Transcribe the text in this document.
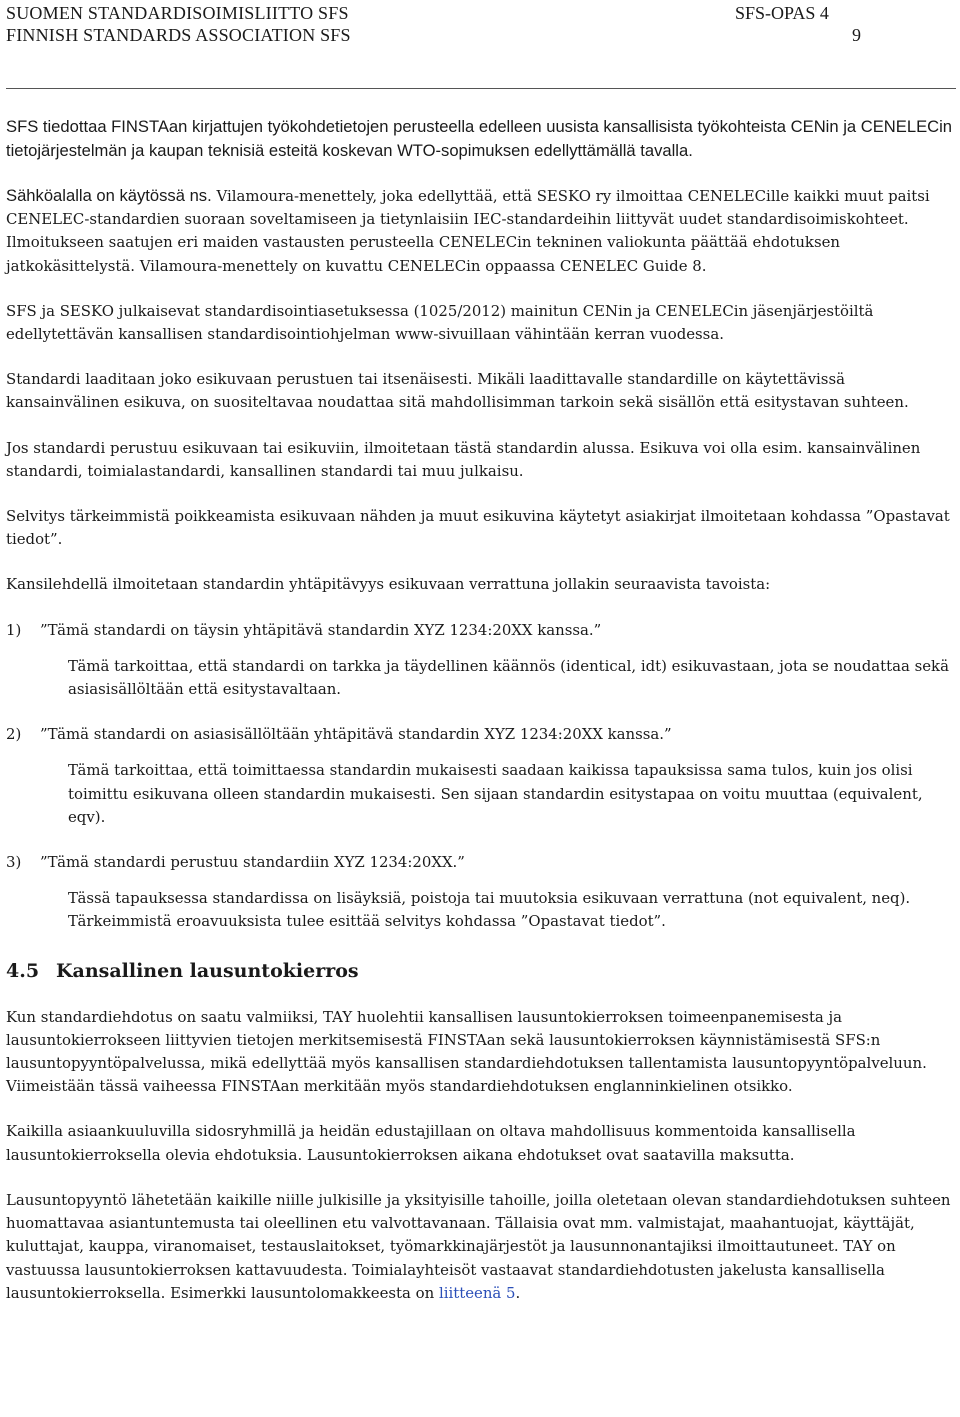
SUOMEN STANDARDISOIMISLIITTO SFS
FINNISH STANDARDS ASSOCIATION SFS
SFS-OPAS 4
9

SFS tiedottaa FINSTAan kirjattujen työkohdetietojen perusteella edelleen uusista kansallisista työkohteista CENin ja CENELECin tietojärjestelmän ja kaupan teknisiä esteitä koskevan WTO-sopimuksen edellyttämällä tavalla.

Sähköalalla on käytössä ns. Vilamoura-menettely, joka edellyttää, että SESKO ry ilmoittaa CENELECille kaikki muut paitsi CENELEC-standardien suoraan soveltamiseen ja tietynlaisiin IEC-standardeihin liittyvät uudet standardisoimiskohteet. Ilmoitukseen saatujen eri maiden vastausten perusteella CENELECin tekninen valiokunta päättää ehdotuksen jatkokäsittelystä. Vilamoura-menettely on kuvattu CENELECin oppaassa CENELEC Guide 8.

SFS ja SESKO julkaisevat standardisointiasetuksessa (1025/2012) mainitun CENin ja CENELECin jäsenjärjestöiltä edellytettävän kansallisen standardisointiohjelman www-sivuillaan vähintään kerran vuodessa.

Standardi laaditaan joko esikuvaan perustuen tai itsenäisesti. Mikäli laadittavalle standardille on käytettävissä kansainvälinen esikuva, on suositeltavaa noudattaa sitä mahdollisimman tarkoin sekä sisällön että esitystavan suhteen.

Jos standardi perustuu esikuvaan tai esikuviin, ilmoitetaan tästä standardin alussa. Esikuva voi olla esim. kansainvälinen standardi, toimialastandardi, kansallinen standardi tai muu julkaisu.

Selvitys tärkeimmistä poikkeamista esikuvaan nähden ja muut esikuvina käytetyt asiakirjat ilmoitetaan kohdassa ”Opastavat tiedot”.

Kansilehdellä ilmoitetaan standardin yhtäpitävyys esikuvaan verrattuna jollakin seuraavista tavoista:

1)	”Tämä standardi on täysin yhtäpitävä standardin XYZ 1234:20XX kanssa.”
Tämä tarkoittaa, että standardi on tarkka ja täydellinen käännös (identical, idt) esikuvastaan, jota se noudattaa sekä asiasisällöltään että esitystavaltaan.
2)	”Tämä standardi on asiasisällöltään yhtäpitävä standardin XYZ 1234:20XX kanssa.”
Tämä tarkoittaa, että toimittaessa standardin mukaisesti saadaan kaikissa tapauksissa sama tulos, kuin jos olisi toimittu esikuvana olleen standardin mukaisesti. Sen sijaan standardin esitystapaa on voitu muuttaa (equivalent, eqv).
3)	”Tämä standardi perustuu standardiin XYZ 1234:20XX.”
Tässä tapauksessa standardissa on lisäyksiä, poistoja tai muutoksia esikuvaan verrattuna (not equivalent, neq). Tärkeimmistä eroavuuksista tulee esittää selvitys kohdassa ”Opastavat tiedot”.
4.5 Kansallinen lausuntokierros

Kun standardiehdotus on saatu valmiiksi, TAY huolehtii kansallisen lausuntokierroksen toimeenpanemisesta ja lausuntokierrokseen liittyvien tietojen merkitsemisestä FINSTAan sekä lausuntokierroksen käynnistämisestä SFS:n lausuntopyyntöpalvelussa, mikä edellyttää myös kansallisen standardiehdotuksen tallentamista lausuntopyyntöpalveluun. Viimeistään tässä vaiheessa FINSTAan merkitään myös standardiehdotuksen englanninkielinen otsikko.

Kaikilla asiaankuuluvilla sidosryhmillä ja heidän edustajillaan on oltava mahdollisuus kommentoida kansallisella lausuntokierroksella olevia ehdotuksia. Lausuntokierroksen aikana ehdotukset ovat saatavilla maksutta.

Lausuntopyyntö lähetetään kaikille niille julkisille ja yksityisille tahoille, joilla oletetaan olevan standardiehdotuksen suhteen huomattavaa asiantuntemusta tai oleellinen etu valvottavanaan. Tällaisia ovat mm. valmistajat, maahantuojat, käyttäjät, kuluttajat, kauppa, viranomaiset, testauslaitokset, työmarkkinajärjestöt ja lausunnonantajiksi ilmoittautuneet. TAY on vastuussa lausuntokierroksen kattavuudesta. Toimialayhteisöt vastaavat standardiehdotusten jakelusta kansallisella lausuntokierroksella. Esimerkki lausuntolomakkeesta on liitteenä 5.
